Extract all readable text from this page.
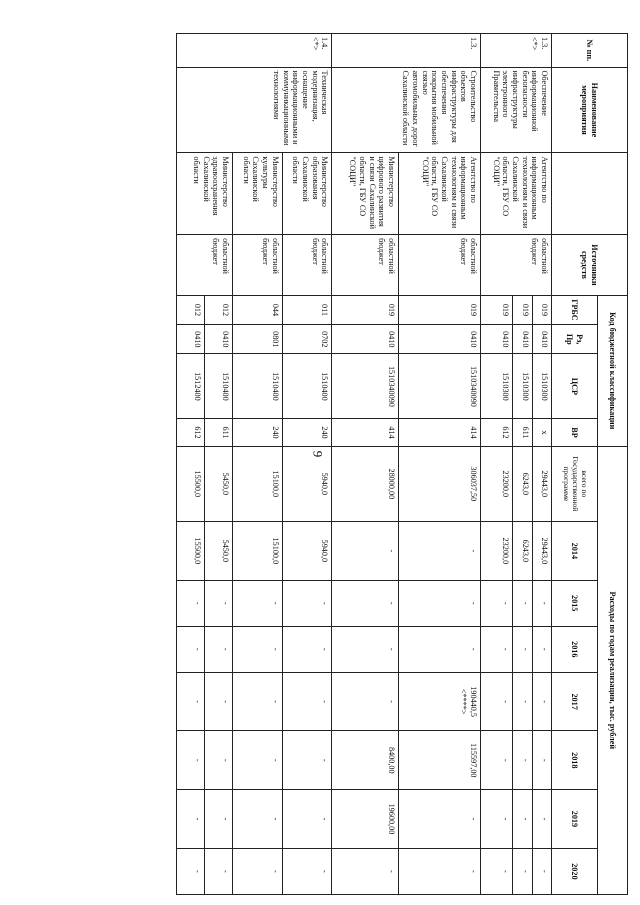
9
№ пп.	Наименование мероприятия		Источники средств	Код бюджетной классификации				Расходы по годам реализации, тыс. рублей							
				ГРБС	Рз, Пр	ЦСР	ВР	всего по Государственной программе	2014	2015	2016	2017	2018	2019	2020
1.3. <*>	Обеспечение информационной безопасности инфраструктуры электронного Правительства	Агентство по информационным технологиям и связи Сахалинской области, ГБУ СО "СОЦИ"	областной бюджет	019	0410	1510300	x	29443,0	29443,0	-	-	-	-	-	-
				019	0410	1510300	611	6243,0	6243,0	-	-	-	-	-	-
				019	0410	1510300	612	23200,0	23200,0	-	-	-	-	-	-
1.3.	Строительство объектов инфраструктуры для обеспечения покрытия мобильной связью автомобильных дорог Сахалинской области	Агентство по информационным технологиям и связи Сахалинской области, ГБУ СО "СОЦИ"	областной бюджет	019	0410	1510340090	414	306037,50	-	-	-	190440,5 <****>	115597,00	-	-
		Министерство цифрового развития и связи Сахалинской области, ГБУ СО "СОЦИ"	областной бюджет	019	0410	1510340090	414	28000,00	-	-	-	-	8400,00	19600,00	-
1.4. <*>	Техническая модернизация, оснащение информационными и коммуникационными технологиями	Министерство образования Сахалинской области	областной бюджет	011	0702	1510400	240	5940,0	5940,0	-	-	-	-	-	-
		Министерство культуры Сахалинской области	областной бюджет	044	0801	1510400	240	15100,0	15100,0	-	-	-	-	-	-
		Министерство здравоохранения Сахалинской области	областной бюджет	012	0410	1510400	611	5450,0	5450,0	-	-	-	-	-	-
				012	0410	1512400	612	15500,0	15500,0	-	-	-	-	-	-
